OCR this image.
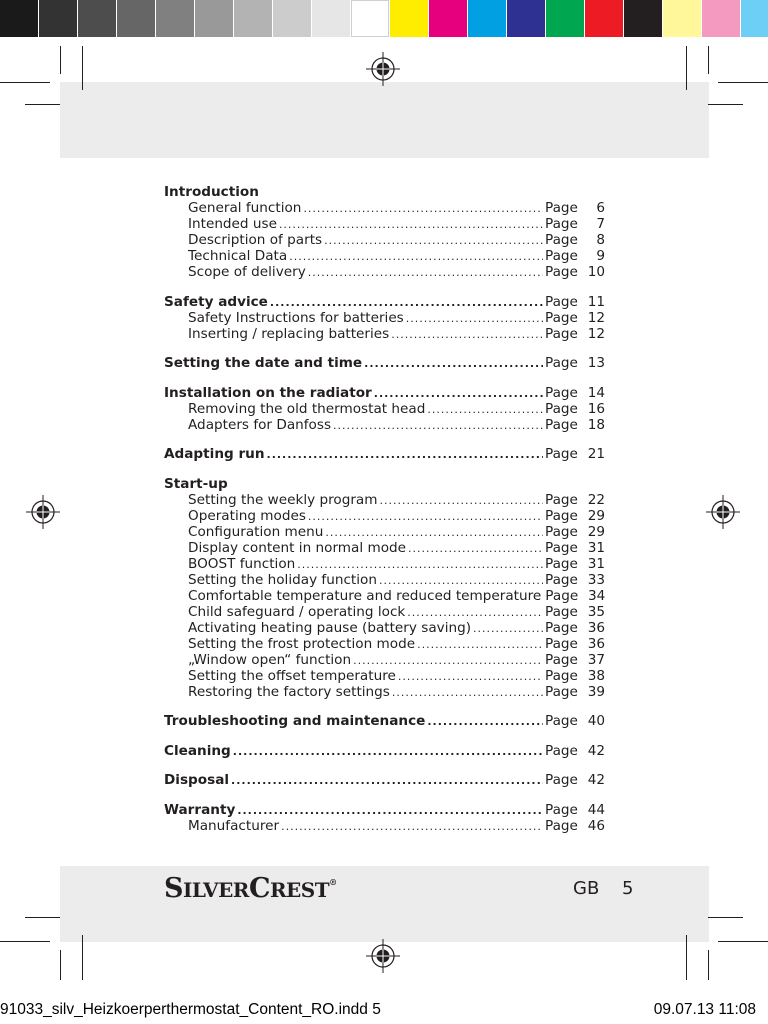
Introduction
General function .....	Page	6
Intended use .....	Page	7
Description of parts .....	Page	8
Technical Data .....	Page	9
Scope of delivery .....	Page 10
Safety advice .....	Page 11
Safety Instructions for batteries .....	Page 12
Inserting / replacing batteries .....	Page 12
Setting the date and time .....	Page 13
Installation on the radiator .....	Page 14
Removing the old thermostat head .....	Page 16
Adapters for Danfoss .....	Page 18
Adapting run .....	Page 21
Start-up
Setting the weekly program .....	Page 22
Operating modes .....	Page 29
Configuration menu .....	Page 29
Display content in normal mode .....	Page 31
BOOST function .....	Page 31
Setting the holiday function .....	Page 33
Comfortable temperature and reduced temperature Page 34
Child safeguard / operating lock .....	Page 35
Activating heating pause (battery saving) .....	Page 36
Setting the frost protection mode .....	Page 36
„Window open“ function .....	Page 37
Setting the offset temperature .....	Page 38
Restoring the factory settings .....	Page 39
Troubleshooting and maintenance .....	Page 40
Cleaning .....	Page 42
Disposal .....	Page 42
Warranty .....	Page 44
Manufacturer .....	Page 46
SILVERCREST®	GB 5
91033_silv_Heizkoerperthermostat_Content_RO.indd 5	09.07.13 11:08
